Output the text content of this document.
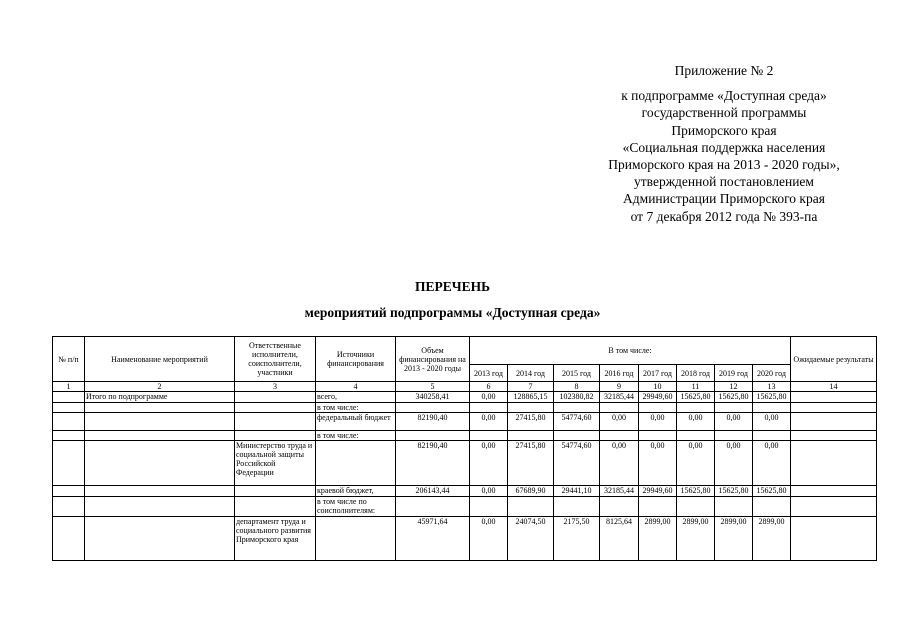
Приложение № 2
к подпрограмме «Доступная среда»
государственной программы
Приморского края
«Социальная поддержка населения
Приморского края на 2013 - 2020 годы»,
утвержденной постановлением
Администрации Приморского края
от 7 декабря 2012 года № 393-па
ПЕРЕЧЕНЬ
мероприятий подпрограммы «Доступная среда»
№ п/п	Наименование мероприятий	Ответственные исполнители, соисполнители, участники	Источники финансирования	Объем финансирования на 2013 - 2020 годы	В том числе:								Ожидаемые результаты
					2013 год	2014 год	2015 год	2016 год	2017 год	2018 год	2019 год	2020 год	
1	2	3	4	5	6	7	8	9	10	11	12	13	14
	Итого по подпрограмме		всего,	340258,41	0,00	128865,15	102380,82	32185,44	29949,60	15625,80	15625,80	15625,80	
			в том числе:										
			федеральный бюджет	82190,40	0,00	27415,80	54774,60	0,00	0,00	0,00	0,00	0,00	
			в том числе:										
		Министерство труда и социальной защиты Российской Федерации		82190,40	0,00	27415,80	54774,60	0,00	0,00	0,00	0,00	0,00	
			краевой бюджет,	206143,44	0,00	67689,90	29441,10	32185,44	29949,60	15625,80	15625,80	15625,80	
			в том числе по соисполнителям:										
		департамент труда и социального развития Приморского края		45971,64	0,00	24074,50	2175,50	8125,64	2899,00	2899,00	2899,00	2899,00	
